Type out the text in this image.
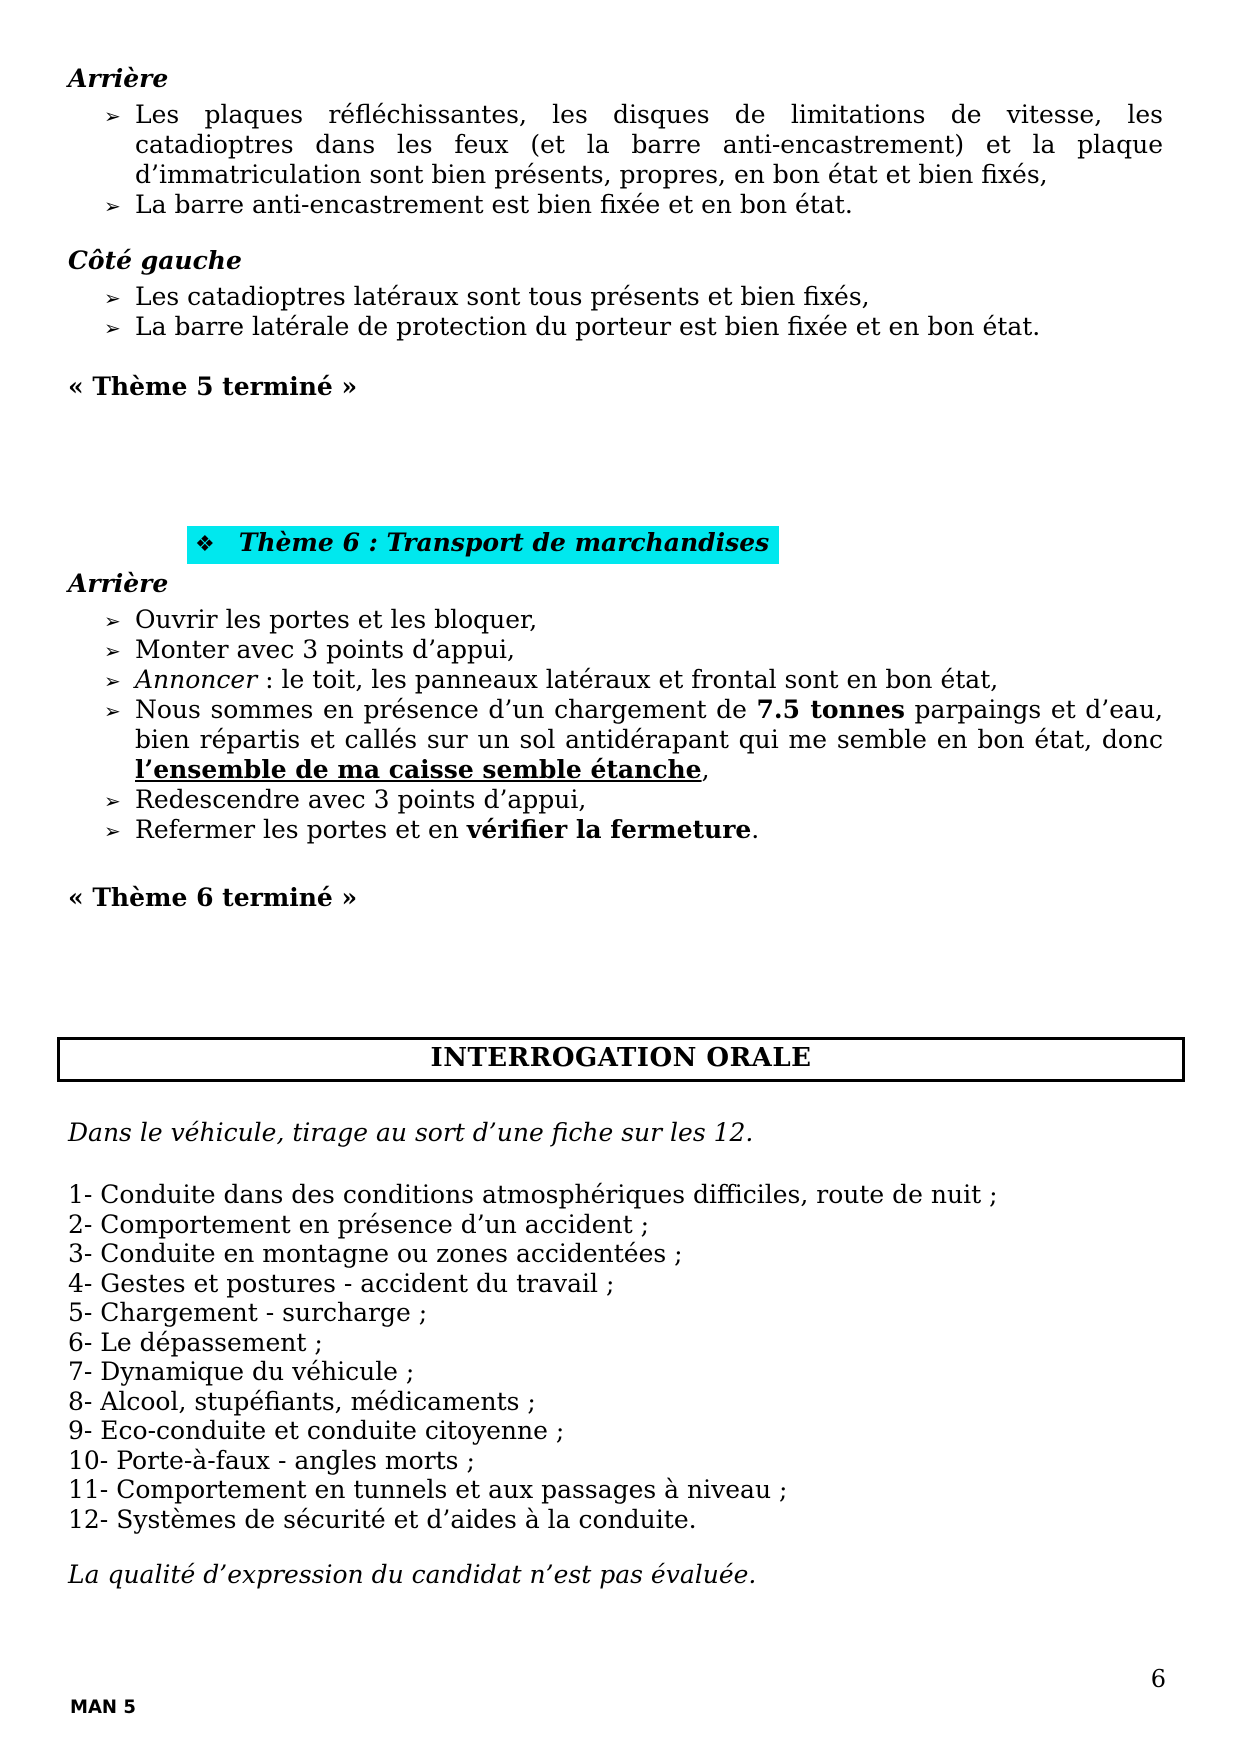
Arrière
➢ Les plaques réfléchissantes, les disques de limitations de vitesse, les catadioptres dans les feux (et la barre anti-encastrement) et la plaque d’immatriculation sont bien présents, propres, en bon état et bien fixés,
➢ La barre anti-encastrement est bien fixée et en bon état.
Côté gauche
➢ Les catadioptres latéraux sont tous présents et bien fixés,
➢ La barre latérale de protection du porteur est bien fixée et en bon état.
« Thème 5 terminé »
❖ Thème 6 : Transport de marchandises
Arrière
➢ Ouvrir les portes et les bloquer,
➢ Monter avec 3 points d’appui,
➢ Annoncer : le toit, les panneaux latéraux et frontal sont en bon état,
➢ Nous sommes en présence d’un chargement de 7.5 tonnes parpaings et d’eau, bien répartis et callés sur un sol antidérapant qui me semble en bon état, donc l’ensemble de ma caisse semble étanche,
➢ Redescendre avec 3 points d’appui,
➢ Refermer les portes et en vérifier la fermeture.
« Thème 6 terminé »
INTERROGATION ORALE
Dans le véhicule, tirage au sort d’une fiche sur les 12.
1- Conduite dans des conditions atmosphériques difficiles, route de nuit ;
2- Comportement en présence d’un accident ;
3- Conduite en montagne ou zones accidentées ;
4- Gestes et postures - accident du travail ;
5- Chargement - surcharge ;
6- Le dépassement ;
7- Dynamique du véhicule ;
8- Alcool, stupéfiants, médicaments ;
9- Eco-conduite et conduite citoyenne ;
10- Porte-à-faux - angles morts ;
11- Comportement en tunnels et aux passages à niveau ;
12- Systèmes de sécurité et d’aides à la conduite.
La qualité d’expression du candidat n’est pas évaluée.
MAN 5
6
